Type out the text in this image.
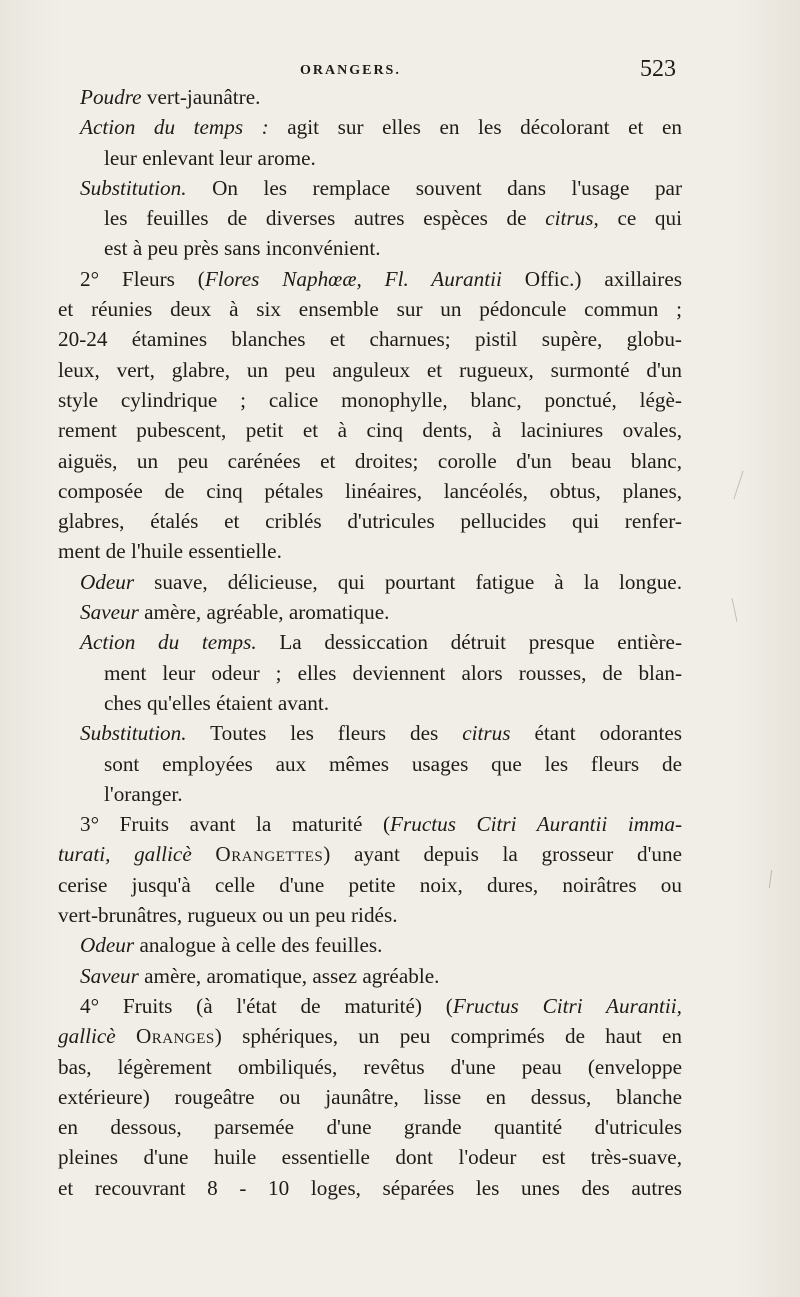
ORANGERS.	523
Poudre vert-jaunâtre.
Action du temps : agit sur elles en les décolorant et en
leur enlevant leur arome.
Substitution. On les remplace souvent dans l'usage par
les feuilles de diverses autres espèces de citrus, ce qui
est à peu près sans inconvénient.
2° Fleurs (Flores Naphœæ, Fl. Aurantii Offic.) axillaires
et réunies deux à six ensemble sur un pédoncule commun ;
20-24 étamines blanches et charnues; pistil supère, globu-
leux, vert, glabre, un peu anguleux et rugueux, surmonté d'un
style cylindrique ; calice monophylle, blanc, ponctué, légè-
rement pubescent, petit et à cinq dents, à laciniures ovales,
aiguës, un peu carénées et droites; corolle d'un beau blanc,
composée de cinq pétales linéaires, lancéolés, obtus, planes,
glabres, étalés et criblés d'utricules pellucides qui renfer-
ment de l'huile essentielle.
Odeur suave, délicieuse, qui pourtant fatigue à la longue.
Saveur amère, agréable, aromatique.
Action du temps. La dessiccation détruit presque entière-
ment leur odeur ; elles deviennent alors rousses, de blan-
ches qu'elles étaient avant.
Substitution. Toutes les fleurs des citrus étant odorantes
sont employées aux mêmes usages que les fleurs de
l'oranger.
3° Fruits avant la maturité (Fructus Citri Aurantii imma-
turati, gallicè Orangettes) ayant depuis la grosseur d'une
cerise jusqu'à celle d'une petite noix, dures, noirâtres ou
vert-brunâtres, rugueux ou un peu ridés.
Odeur analogue à celle des feuilles.
Saveur amère, aromatique, assez agréable.
4° Fruits (à l'état de maturité) (Fructus Citri Aurantii,
gallicè Oranges) sphériques, un peu comprimés de haut en
bas, légèrement ombiliqués, revêtus d'une peau (enveloppe
extérieure) rougeâtre ou jaunâtre, lisse en dessus, blanche
en dessous, parsemée d'une grande quantité d'utricules
pleines d'une huile essentielle dont l'odeur est très-suave,
et recouvrant 8 - 10 loges, séparées les unes des autres
